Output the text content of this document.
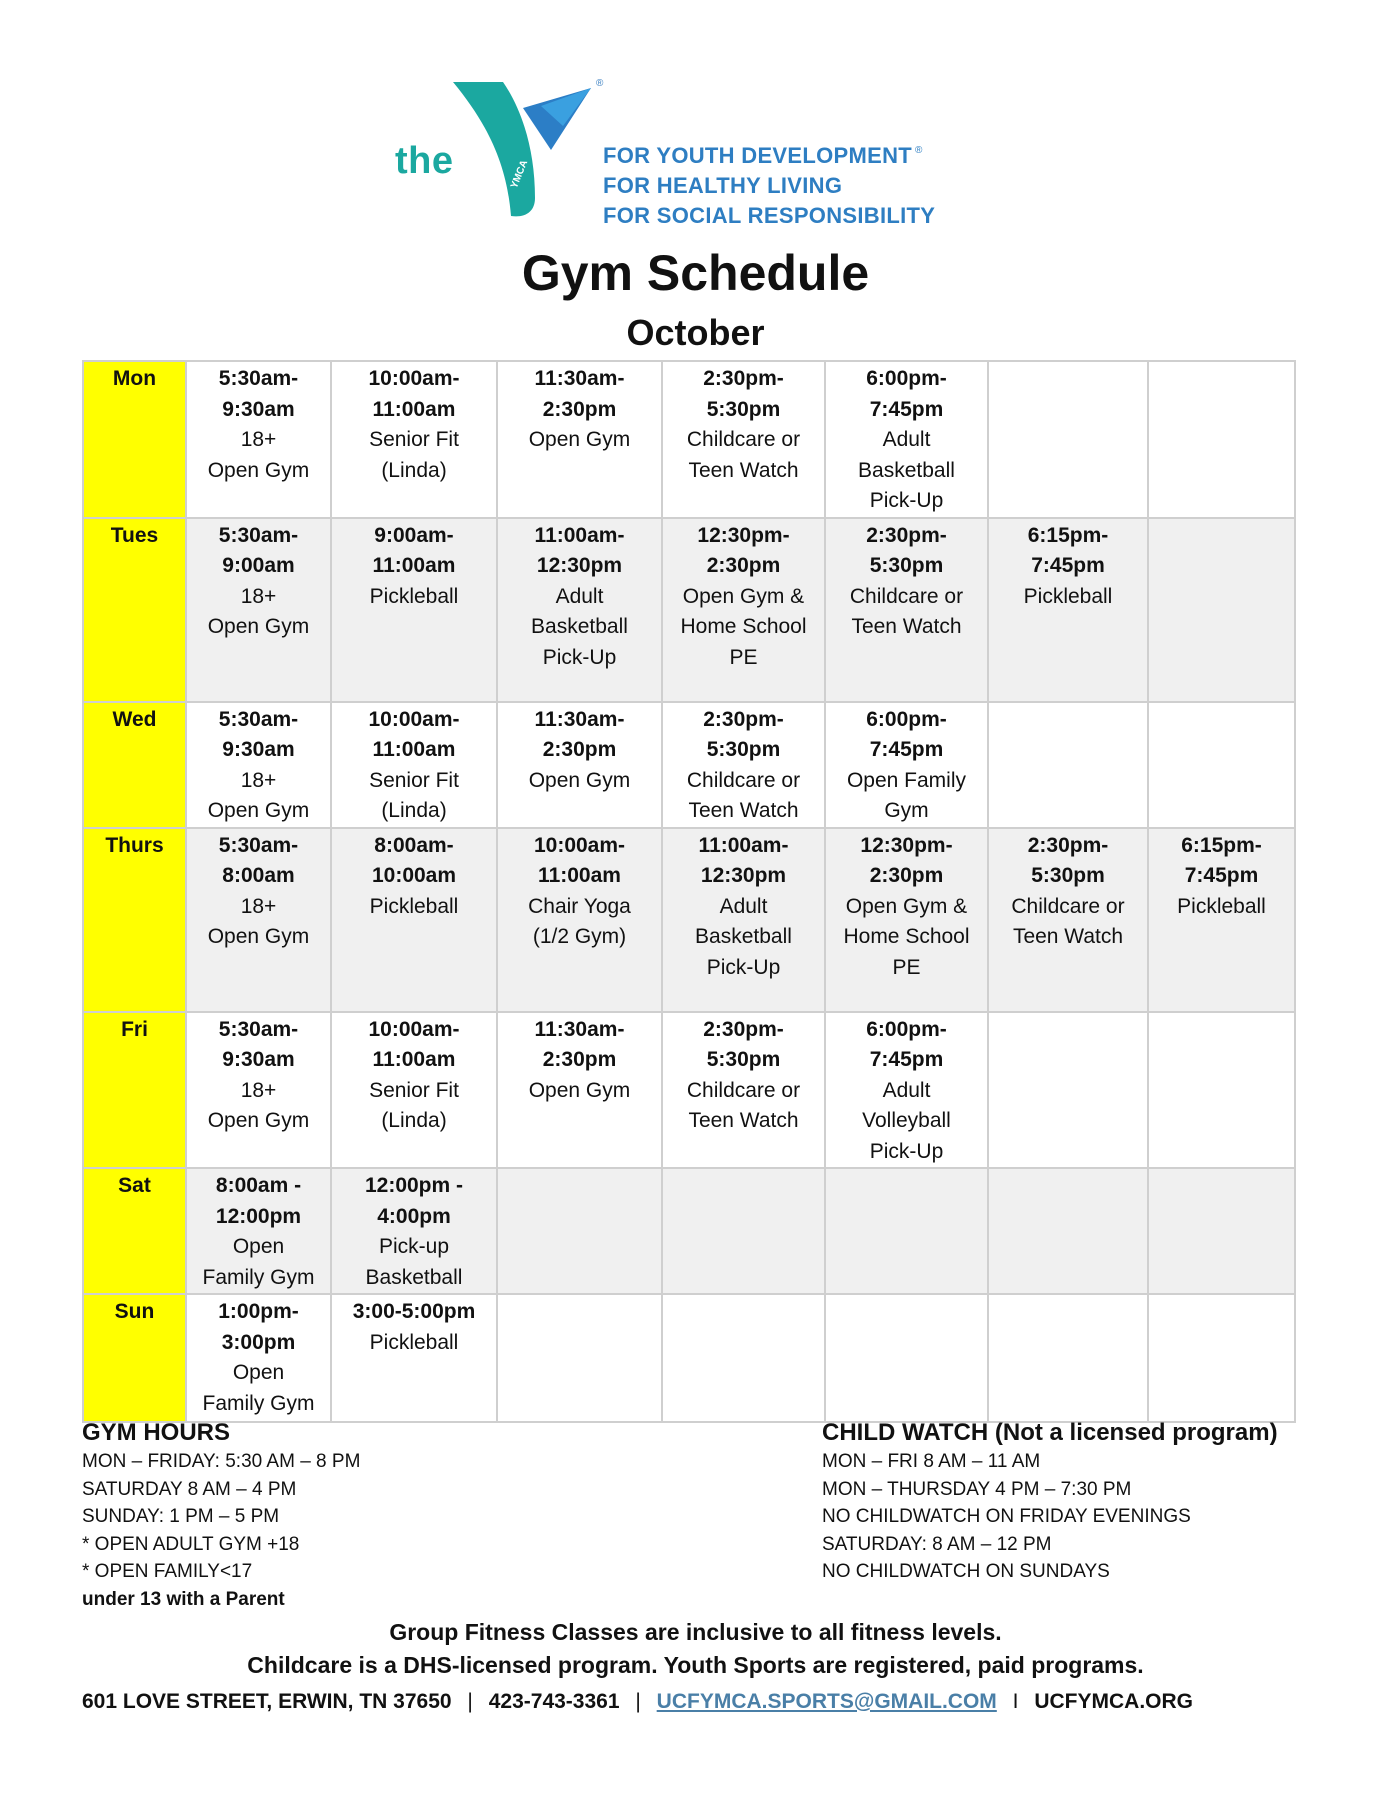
the	YMCA
®
FOR YOUTH DEVELOPMENT ®
FOR HEALTHY LIVING
FOR SOCIAL RESPONSIBILITY
Gym Schedule
October
Mon	5:30am-
9:30am
18+
Open Gym	10:00am-
11:00am
Senior Fit
(Linda)	11:30am-
2:30pm
Open Gym	2:30pm-
5:30pm
Childcare or
Teen Watch	6:00pm-
7:45pm
Adult
Basketball
Pick-Up		

Tues	5:30am-
9:00am
18+
Open Gym	9:00am-
11:00am
Pickleball	11:00am-
12:30pm
Adult
Basketball
Pick-Up	12:30pm-
2:30pm
Open Gym &
Home School
PE	2:30pm-
5:30pm
Childcare or
Teen Watch	6:15pm-
7:45pm
Pickleball	

Wed	5:30am-
9:30am
18+
Open Gym	10:00am-
11:00am
Senior Fit
(Linda)	11:30am-
2:30pm
Open Gym	2:30pm-
5:30pm
Childcare or
Teen Watch	6:00pm-
7:45pm
Open Family
Gym		

Thurs	5:30am-
8:00am
18+
Open Gym	8:00am-
10:00am
Pickleball	10:00am-
11:00am
Chair Yoga
(1/2 Gym)	11:00am-
12:30pm
Adult
Basketball
Pick-Up	12:30pm-
2:30pm
Open Gym &
Home School
PE	2:30pm-
5:30pm
Childcare or
Teen Watch	6:15pm-
7:45pm
Pickleball

Fri	5:30am-
9:30am
18+
Open Gym	10:00am-
11:00am
Senior Fit
(Linda)	11:30am-
2:30pm
Open Gym	2:30pm-
5:30pm
Childcare or
Teen Watch	6:00pm-
7:45pm
Adult
Volleyball
Pick-Up		

Sat	8:00am -
12:00pm
Open
Family Gym	12:00pm -
4:00pm
Pick-up
Basketball					

Sun	1:00pm-
3:00pm
Open
Family Gym	3:00-5:00pm
Pickleball					

GYM HOURS
MON – FRIDAY: 5:30 AM – 8 PM
SATURDAY 8 AM – 4 PM
SUNDAY: 1 PM – 5 PM
* OPEN ADULT GYM +18
* OPEN FAMILY<17
under 13 with a Parent
CHILD WATCH (Not a licensed program)
MON – FRI 8 AM – 11 AM
MON – THURSDAY 4 PM – 7:30 PM
NO CHILDWATCH ON FRIDAY EVENINGS
SATURDAY: 8 AM – 12 PM
NO CHILDWATCH ON SUNDAYS
Group Fitness Classes are inclusive to all fitness levels.
Childcare is a DHS-licensed program. Youth Sports are registered, paid programs.
601 LOVE STREET, ERWIN, TN 37650 | 423-743-3361 | UCFYMCA.SPORTS@GMAIL.COM I UCFYMCA.ORG
